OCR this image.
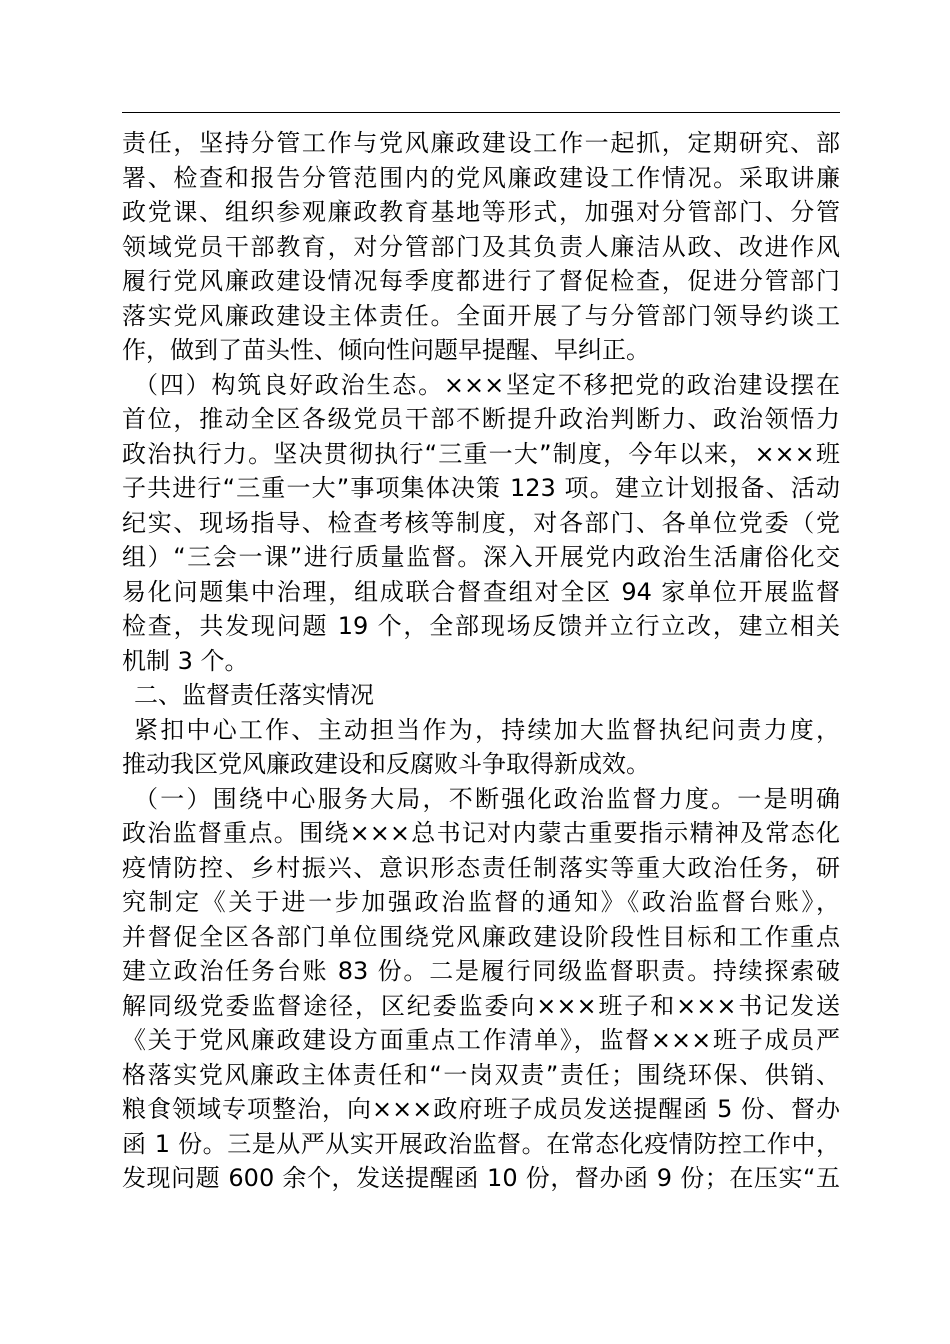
责任，坚持分管工作与党风廉政建设工作一起抓，定期研究、部
署、检查和报告分管范围内的党风廉政建设工作情况。采取讲廉
政党课、组织参观廉政教育基地等形式，加强对分管部门、分管
领域党员干部教育，对分管部门及其负责人廉洁从政、改进作风
履行党风廉政建设情况每季度都进行了督促检查，促进分管部门
落实党风廉政建设主体责任。全面开展了与分管部门领导约谈工
作，做到了苗头性、倾向性问题早提醒、早纠正。
（四）构筑良好政治生态。×××坚定不移把党的政治建设摆在
首位，推动全区各级党员干部不断提升政治判断力、政治领悟力
政治执行力。坚决贯彻执行“三重一大”制度，今年以来，×××班
子共进行“三重一大”事项集体决策 123 项。建立计划报备、活动
纪实、现场指导、检查考核等制度，对各部门、各单位党委（党
组）“三会一课”进行质量监督。深入开展党内政治生活庸俗化交
易化问题集中治理，组成联合督查组对全区 94 家单位开展监督
检查，共发现问题 19 个，全部现场反馈并立行立改，建立相关
机制 3 个。
二、监督责任落实情况
紧扣中心工作、主动担当作为，持续加大监督执纪问责力度，
推动我区党风廉政建设和反腐败斗争取得新成效。
（一）围绕中心服务大局，不断强化政治监督力度。一是明确
政治监督重点。围绕×××总书记对内蒙古重要指示精神及常态化
疫情防控、乡村振兴、意识形态责任制落实等重大政治任务，研
究制定《关于进一步加强政治监督的通知》《政治监督台账》，
并督促全区各部门单位围绕党风廉政建设阶段性目标和工作重点
建立政治任务台账 83 份。二是履行同级监督职责。持续探索破
解同级党委监督途径，区纪委监委向×××班子和×××书记发送
《关于党风廉政建设方面重点工作清单》，监督×××班子成员严
格落实党风廉政主体责任和“一岗双责”责任；围绕环保、供销、
粮食领域专项整治，向×××政府班子成员发送提醒函 5 份、督办
函 1 份。三是从严从实开展政治监督。在常态化疫情防控工作中，
发现问题 600 余个，发送提醒函 10 份，督办函 9 份；在压实“五
